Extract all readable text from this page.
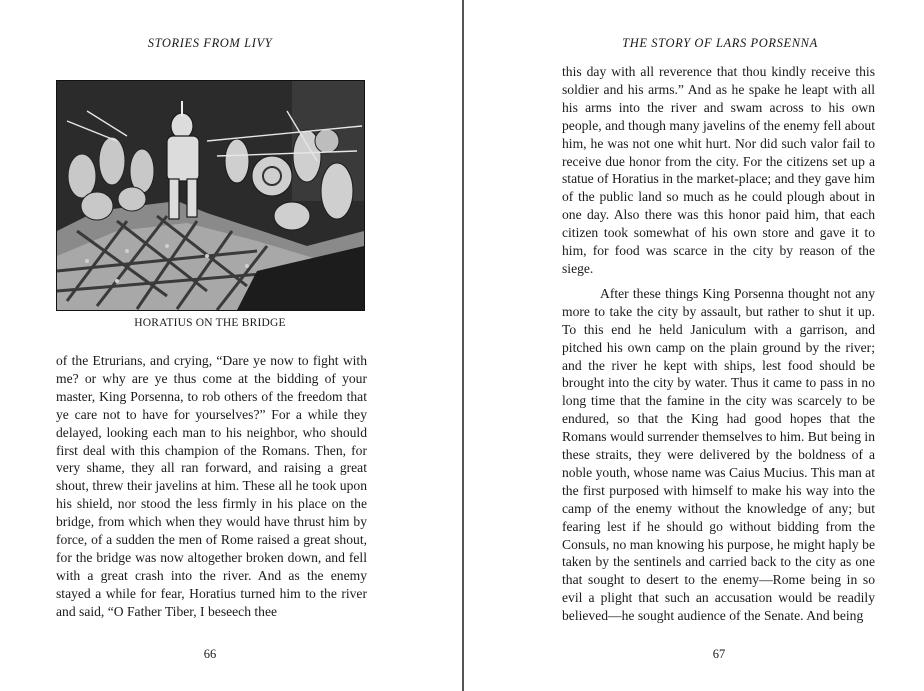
STORIES FROM LIVY
HORATIUS ON THE BRIDGE

of the Etrurians, and crying, “Dare ye now to fight with me? or why are ye thus come at the bidding of your master, King Porsenna, to rob others of the freedom that ye care not to have for yourselves?” For a while they delayed, looking each man to his neighbor, who should first deal with this champion of the Romans. Then, for very shame, they all ran forward, and raising a great shout, threw their javelins at him. These all he took upon his shield, nor stood the less firmly in his place on the bridge, from which when they would have thrust him by force, of a sudden the men of Rome raised a great shout, for the bridge was now altogether broken down, and fell with a great crash into the river. And as the enemy stayed a while for fear, Horatius turned him to the river and said, “O Father Tiber, I beseech thee

66
THE STORY OF LARS PORSENNA

this day with all reverence that thou kindly receive this soldier and his arms.” And as he spake he leapt with all his arms into the river and swam across to his own people, and though many javelins of the enemy fell about him, he was not one whit hurt. Nor did such valor fail to receive due honor from the city. For the citizens set up a statue of Horatius in the market-place; and they gave him of the public land so much as he could plough about in one day. Also there was this honor paid him, that each citizen took somewhat of his own store and gave it to him, for food was scarce in the city by reason of the siege.

After these things King Porsenna thought not any more to take the city by assault, but rather to shut it up. To this end he held Janiculum with a garrison, and pitched his own camp on the plain ground by the river; and the river he kept with ships, lest food should be brought into the city by water. Thus it came to pass in no long time that the famine in the city was scarcely to be endured, so that the King had good hopes that the Romans would surrender themselves to him. But being in these straits, they were delivered by the boldness of a noble youth, whose name was Caius Mucius. This man at the first purposed with himself to make his way into the camp of the enemy without the knowledge of any; but fearing lest if he should go without bidding from the Consuls, no man knowing his purpose, he might haply be taken by the sentinels and carried back to the city as one that sought to desert to the enemy—Rome being in so evil a plight that such an accusation would be readily believed—he sought audience of the Senate. And being

67
